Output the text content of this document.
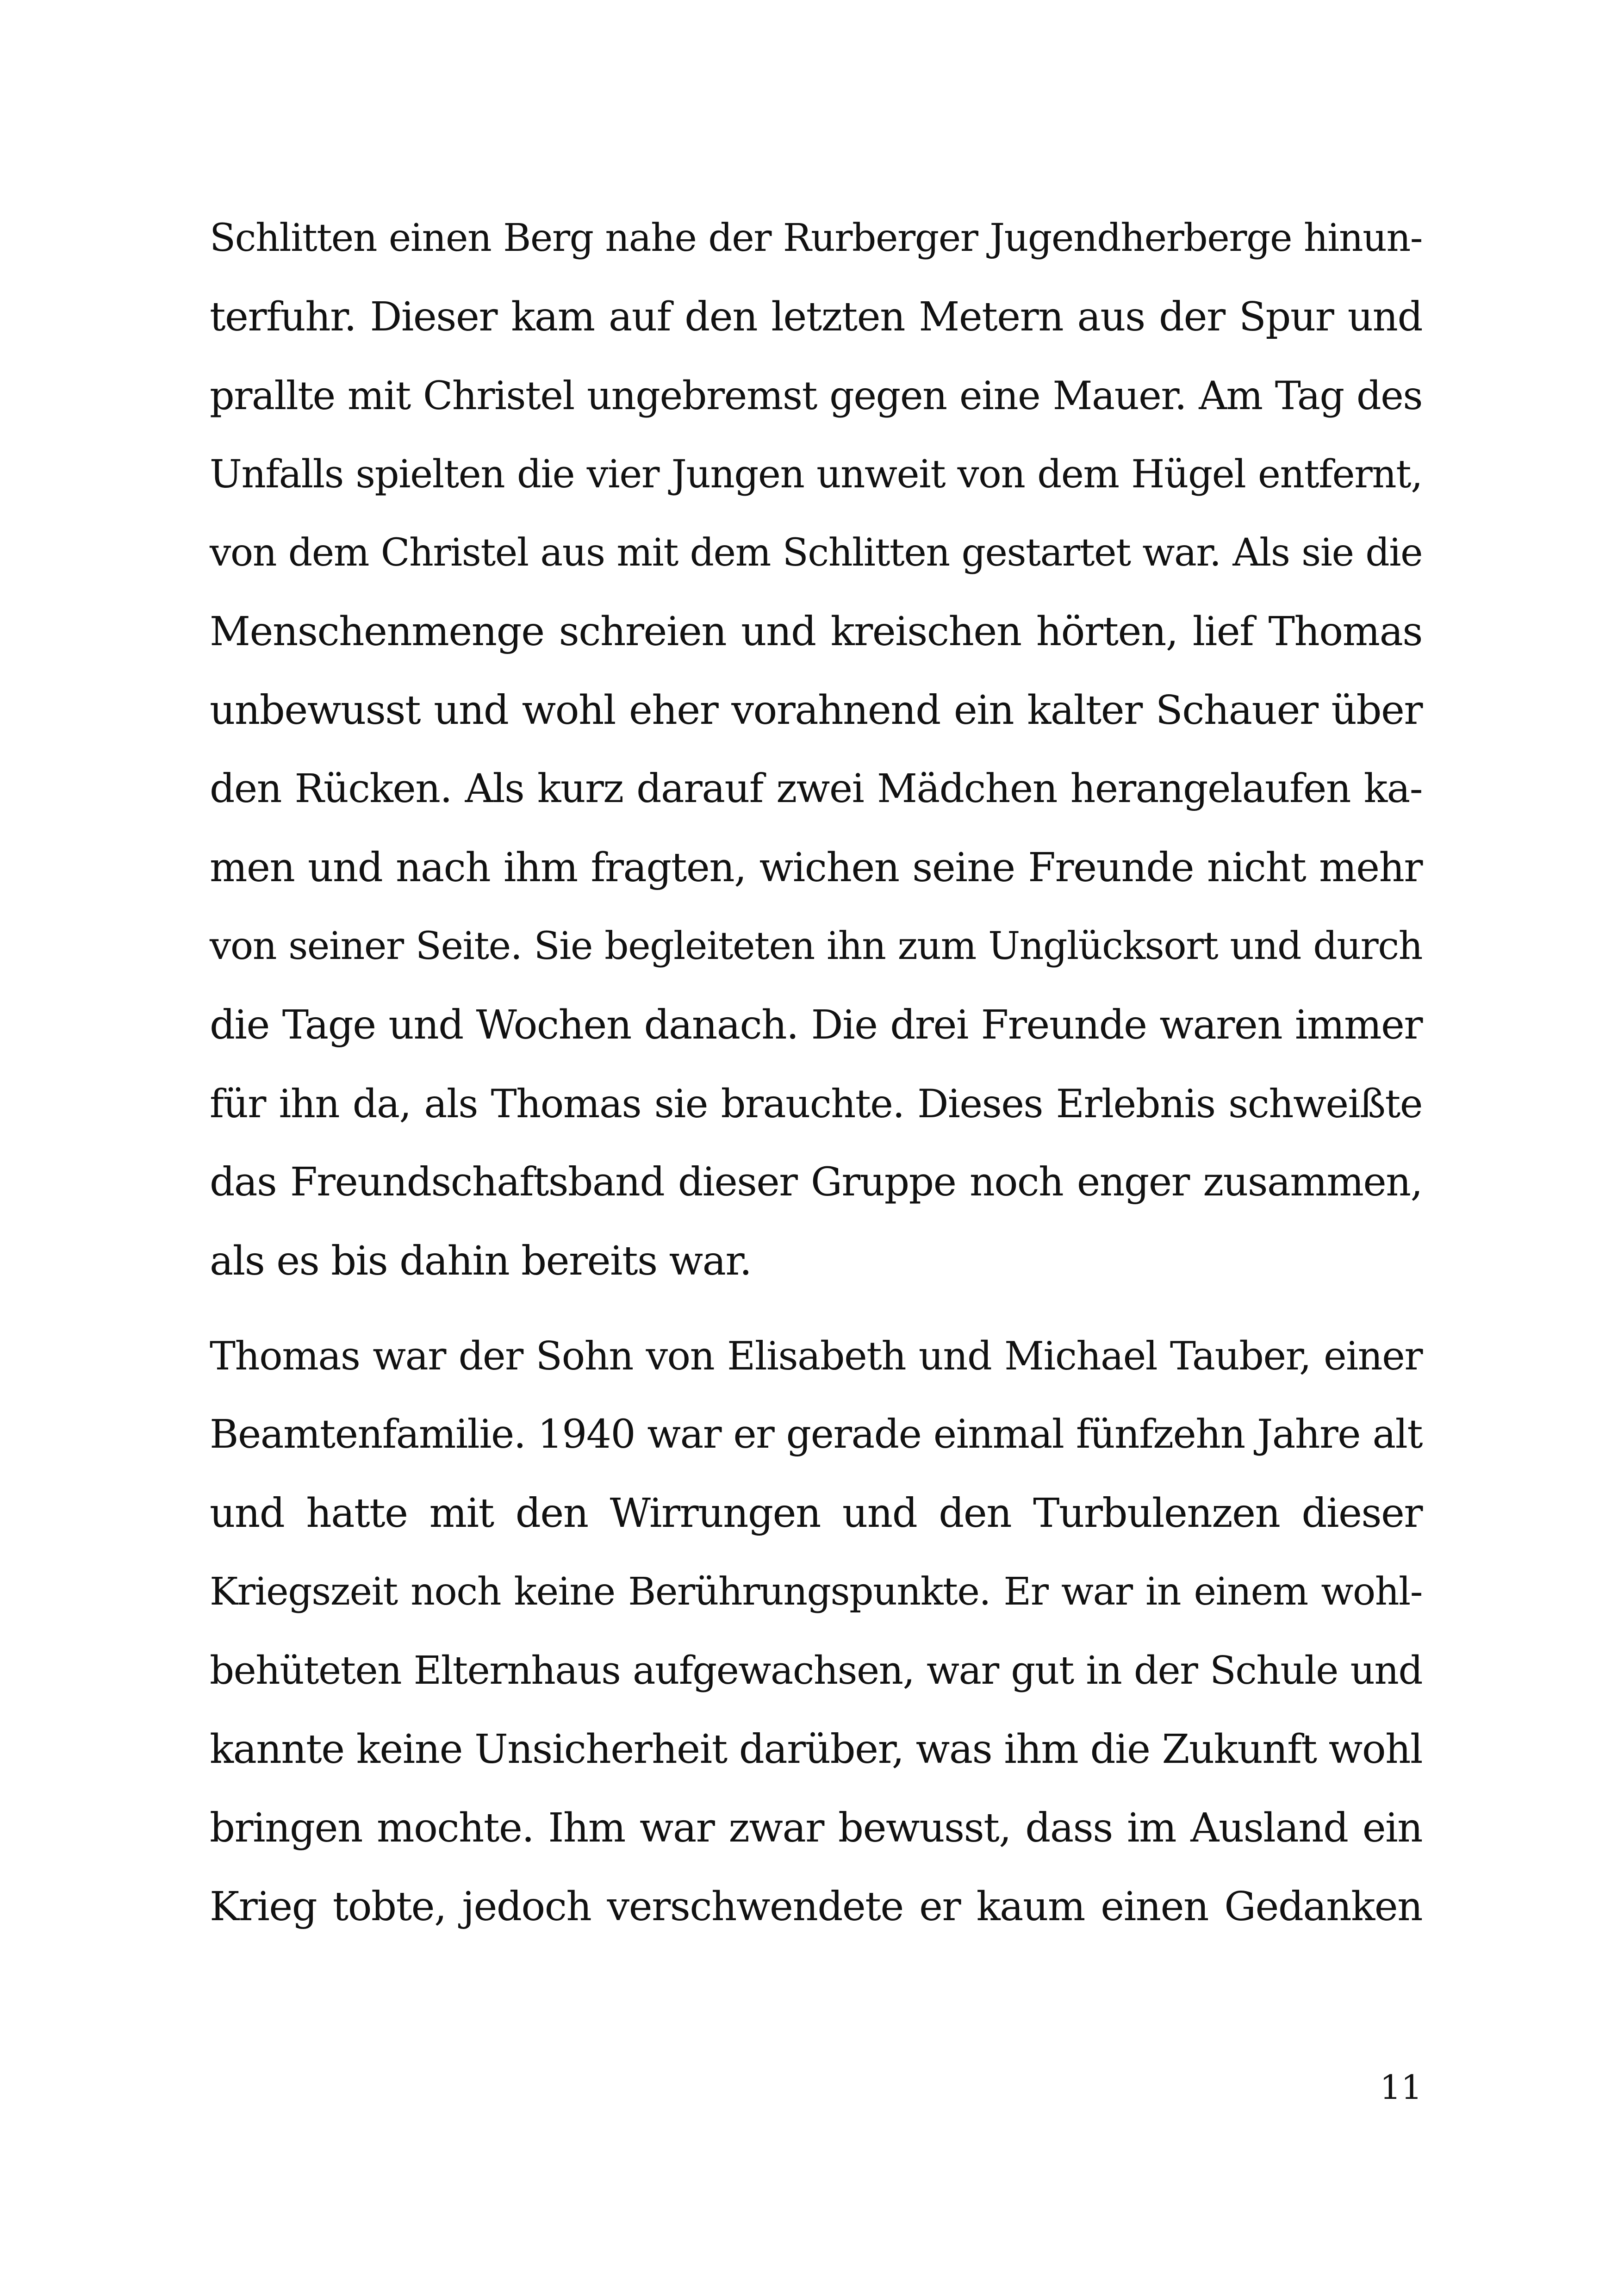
Schlitten einen Berg nahe der Rurberger Jugendherberge hinun-
terfuhr. Dieser kam auf den letzten Metern aus der Spur und
prallte mit Christel ungebremst gegen eine Mauer. Am Tag des
Unfalls spielten die vier Jungen unweit von dem Hügel entfernt,
von dem Christel aus mit dem Schlitten gestartet war. Als sie die
Menschenmenge schreien und kreischen hörten, lief Thomas
unbewusst und wohl eher vorahnend ein kalter Schauer über
den Rücken. Als kurz darauf zwei Mädchen herangelaufen ka-
men und nach ihm fragten, wichen seine Freunde nicht mehr
von seiner Seite. Sie begleiteten ihn zum Unglücksort und durch
die Tage und Wochen danach. Die drei Freunde waren immer
für ihn da, als Thomas sie brauchte. Dieses Erlebnis schweißte
das Freundschaftsband dieser Gruppe noch enger zusammen,
als es bis dahin bereits war.
Thomas war der Sohn von Elisabeth und Michael Tauber, einer
Beamtenfamilie. 1940 war er gerade einmal fünfzehn Jahre alt
und hatte mit den Wirrungen und den Turbulenzen dieser
Kriegszeit noch keine Berührungspunkte. Er war in einem wohl-
behüteten Elternhaus aufgewachsen, war gut in der Schule und
kannte keine Unsicherheit darüber, was ihm die Zukunft wohl
bringen mochte. Ihm war zwar bewusst, dass im Ausland ein
Krieg tobte, jedoch verschwendete er kaum einen Gedanken
11
